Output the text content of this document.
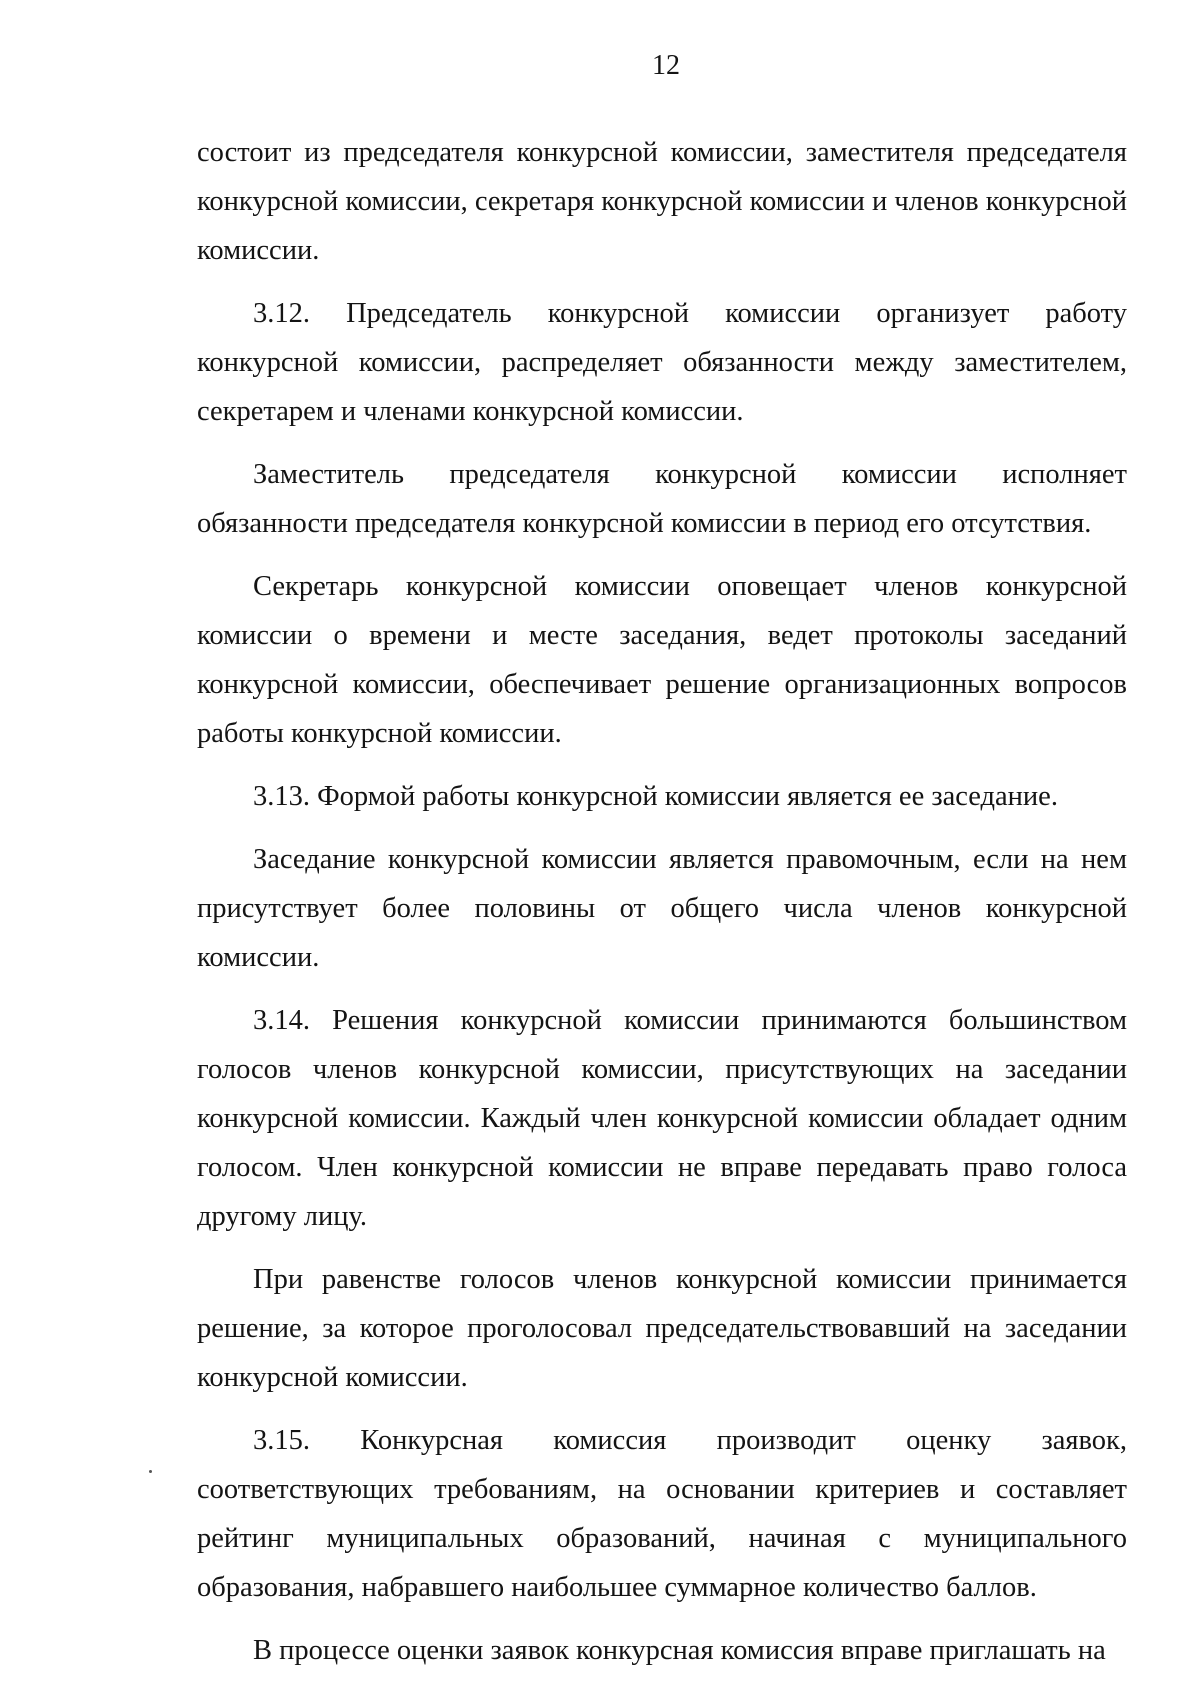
12

состоит из председателя конкурсной комиссии, заместителя председателя конкурсной комиссии, секретаря конкурсной комиссии и членов конкурсной комиссии.

3.12. Председатель конкурсной комиссии организует работу конкурсной комиссии, распределяет обязанности между заместителем, секретарем и членами конкурсной комиссии.

Заместитель председателя конкурсной комиссии исполняет обязанности председателя конкурсной комиссии в период его отсутствия.

Секретарь конкурсной комиссии оповещает членов конкурсной комиссии о времени и месте заседания, ведет протоколы заседаний конкурсной комиссии, обеспечивает решение организационных вопросов работы конкурсной комиссии.

3.13. Формой работы конкурсной комиссии является ее заседание.

Заседание конкурсной комиссии является правомочным, если на нем присутствует более половины от общего числа членов конкурсной комиссии.

3.14. Решения конкурсной комиссии принимаются большинством голосов членов конкурсной комиссии, присутствующих на заседании конкурсной комиссии. Каждый член конкурсной комиссии обладает одним голосом. Член конкурсной комиссии не вправе передавать право голоса другому лицу.

При равенстве голосов членов конкурсной комиссии принимается решение, за которое проголосовал председательствовавший на заседании конкурсной комиссии.

3.15. Конкурсная комиссия производит оценку заявок, соответствующих требованиям, на основании критериев и составляет рейтинг муниципальных образований, начиная с муниципального образования, набравшего наибольшее суммарное количество баллов.

В процессе оценки заявок конкурсная комиссия вправе приглашать на
